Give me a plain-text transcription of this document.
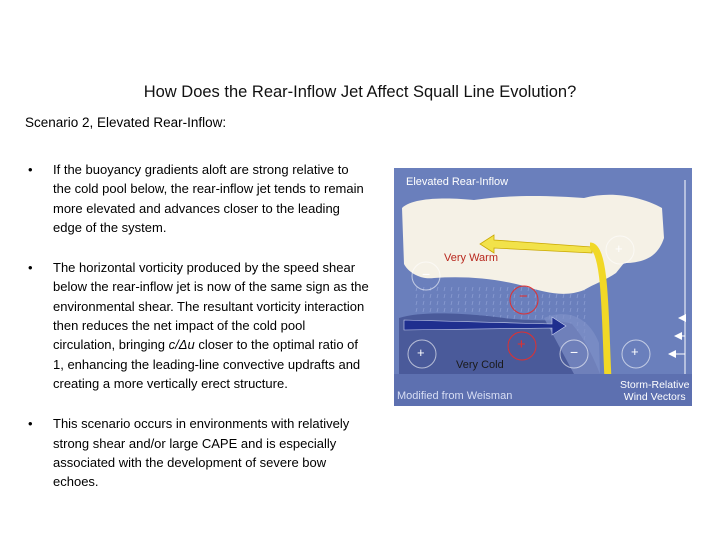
How Does the Rear-Inflow Jet Affect Squall Line Evolution?
Scenario 2, Elevated Rear-Inflow:
• If the buoyancy gradients aloft are strong relative to the cold pool below, the rear-inflow jet tends to remain more elevated and advances closer to the leading edge of the system.
• The horizontal vorticity produced by the speed shear below the rear-inflow jet is now of the same sign as the environmental shear. The resultant vorticity interaction then reduces the net impact of the cold pool circulation, bringing c/Δu closer to the optimal ratio of 1, enhancing the leading-line convective updrafts and creating a more vertically erect structure.
• This scenario occurs in environments with relatively strong shear and/or large CAPE and is especially associated with the development of severe bow echoes.
Elevated Rear-Inflow
Very Warm
Very Cold
Modified from Weisman
Storm-Relative
Wind Vectors
+
−
−
+
+	−	+
